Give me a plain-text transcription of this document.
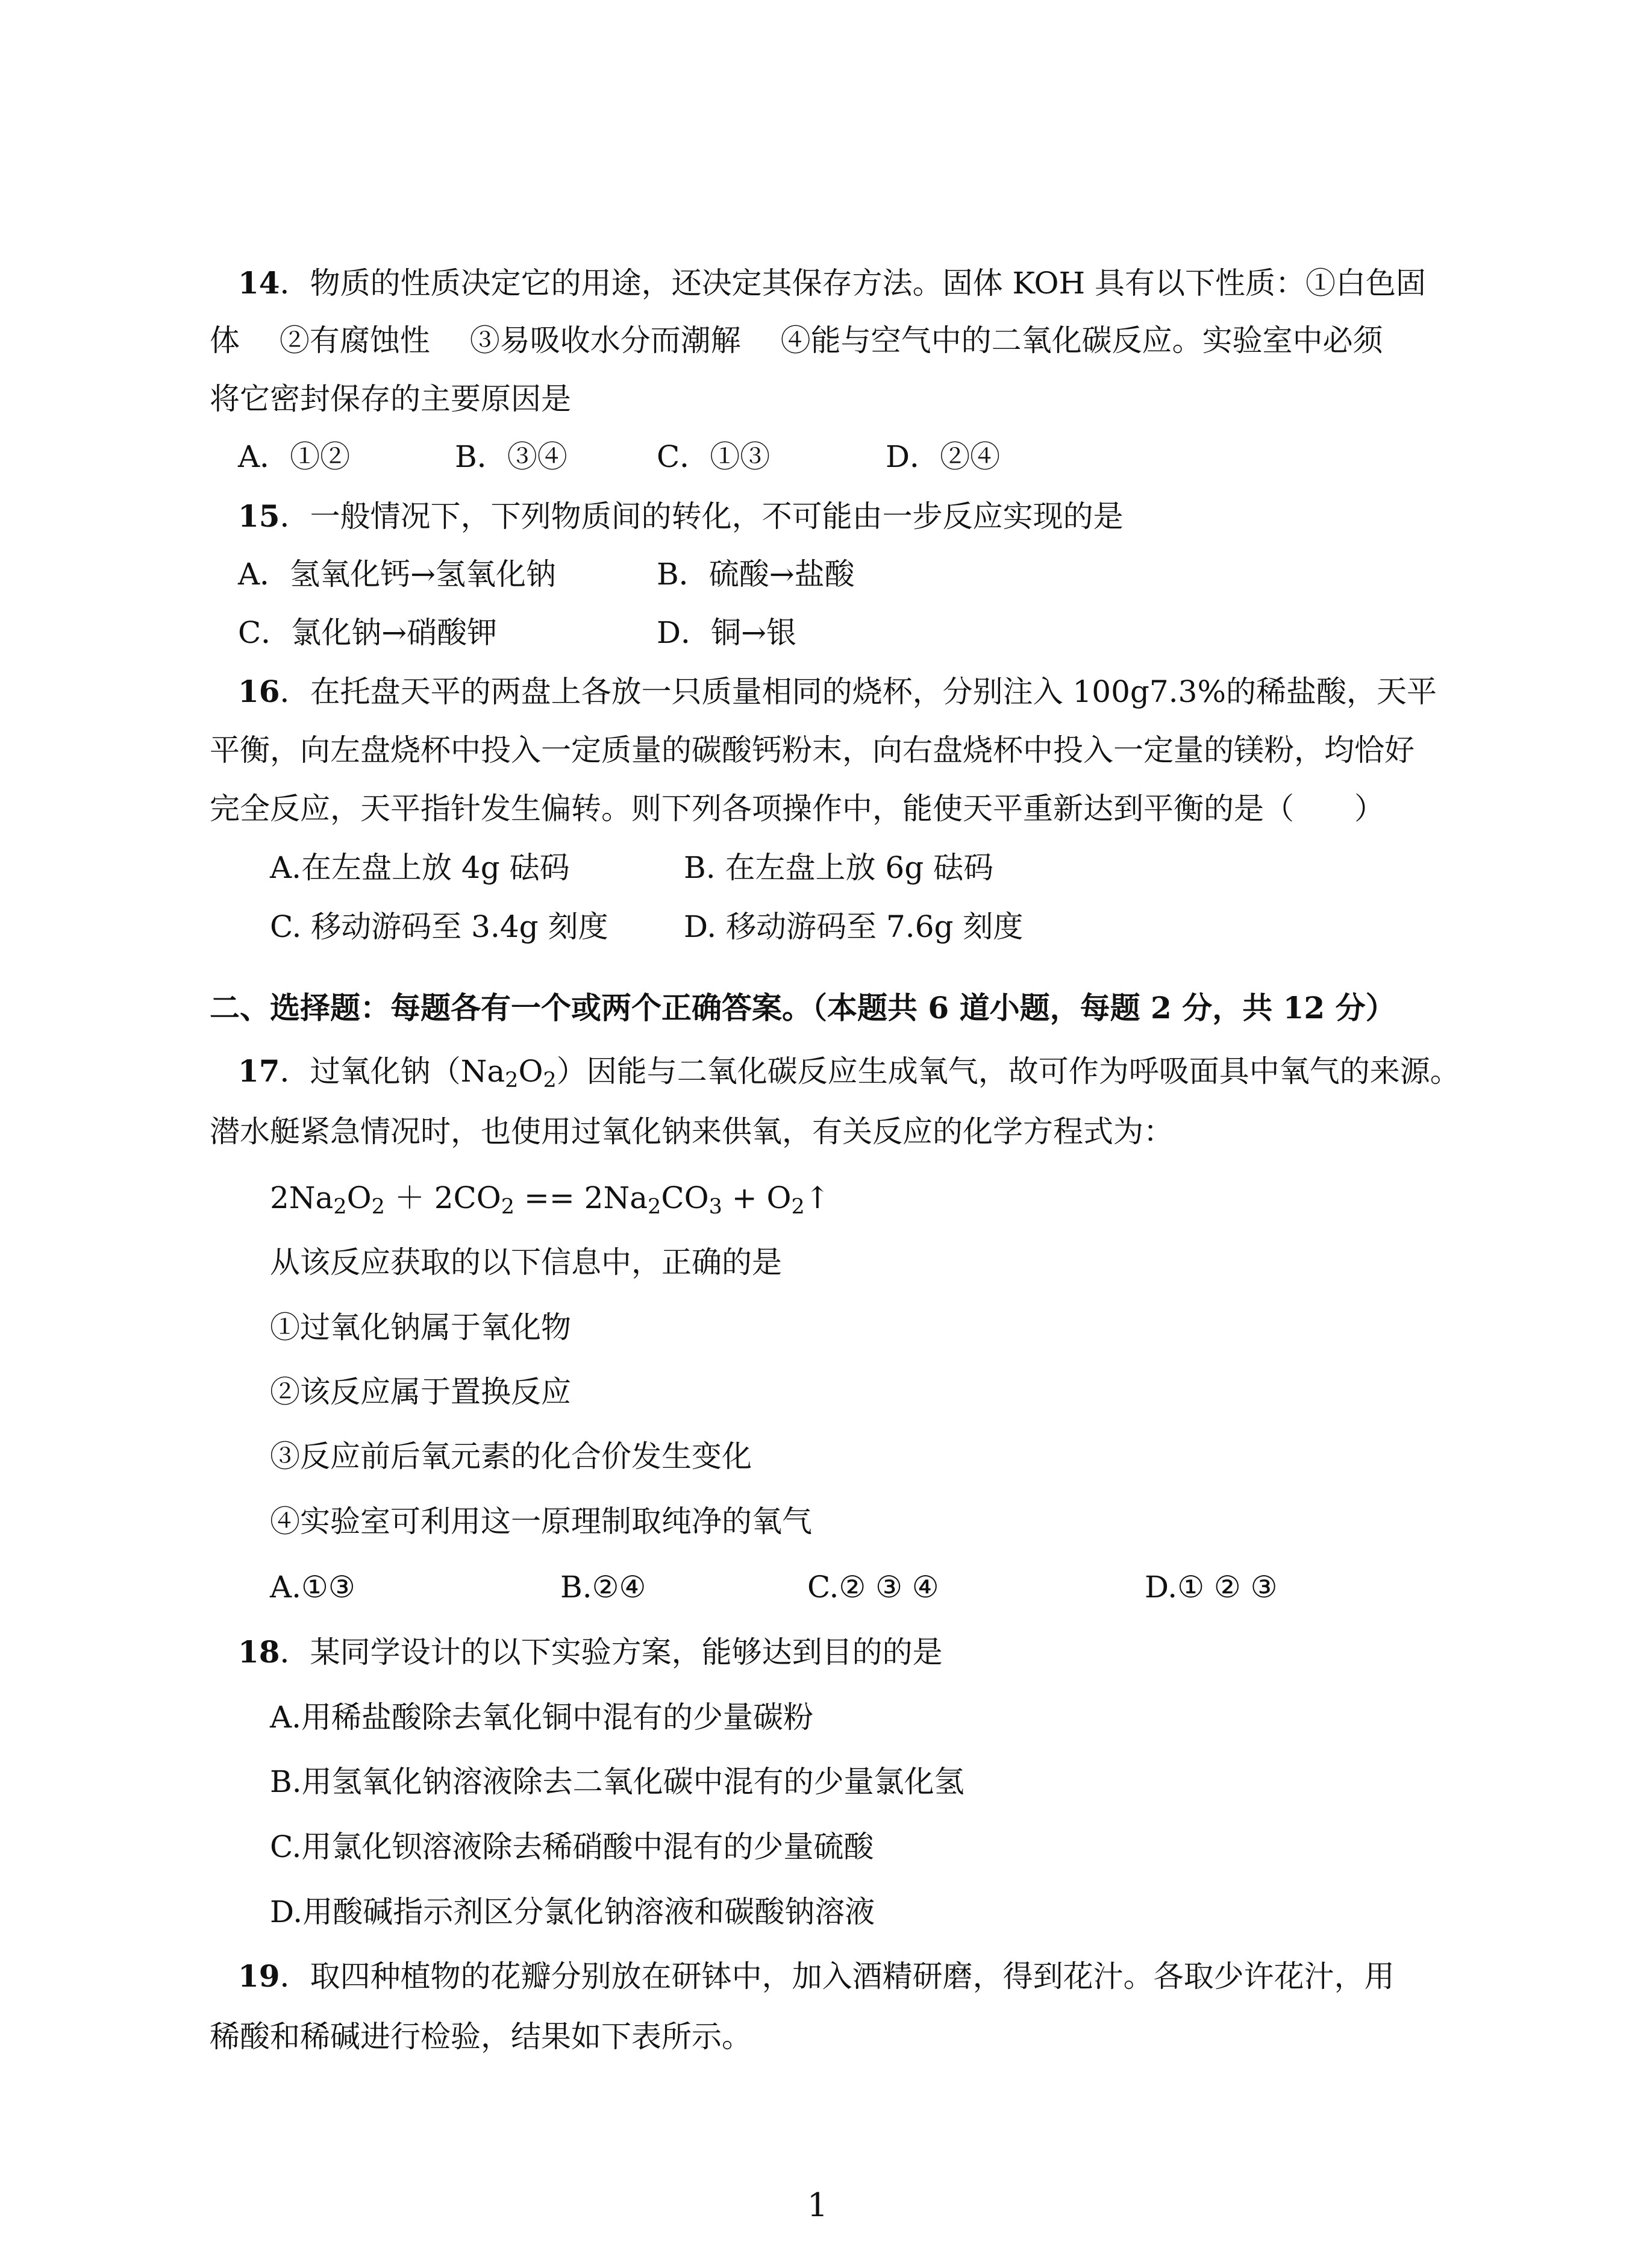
14．物质的性质决定它的用途，还决定其保存方法。固体 KOH 具有以下性质：①白色固
体　 ②有腐蚀性　 ③易吸收水分而潮解　 ④能与空气中的二氧化碳反应。实验室中必须
将它密封保存的主要原因是
A．①②	B．③④	C．①③	D．②④
15．一般情况下，下列物质间的转化，不可能由一步反应实现的是
A．氢氧化钙→氢氧化钠	B．硫酸→盐酸
C．氯化钠→硝酸钾	D．铜→银
16．在托盘天平的两盘上各放一只质量相同的烧杯，分别注入 100g7.3%的稀盐酸，天平
平衡，向左盘烧杯中投入一定质量的碳酸钙粉末，向右盘烧杯中投入一定量的镁粉，均恰好
完全反应，天平指针发生偏转。则下列各项操作中，能使天平重新达到平衡的是（　　）
A.在左盘上放 4g 砝码	B. 在左盘上放 6g 砝码
C. 移动游码至 3.4g 刻度	D. 移动游码至 7.6g 刻度
二、选择题：每题各有一个或两个正确答案。（本题共 6 道小题，每题 2 分，共 12 分）
17．过氧化钠$(Na_2O_2)$因能与二氧化碳反应生成氧气，故可作为呼吸面具中氧气的来源。
潜水艇紧急情况时，也使用过氧化钠来供氧，有关反应的化学方程式为：
$2Na_2O_2 + 2CO_2 == 2Na_2CO_3$ + $O_2↑$
从该反应获取的以下信息中，正确的是
①过氧化钠属于氧化物
②该反应属于置换反应
③反应前后氧元素的化合价发生变化
④实验室可利用这一原理制取纯净的氧气
A.①③	B.②④	C.② ③ ④	D.① ② ③
18．某同学设计的以下实验方案，能够达到目的的是
A.用稀盐酸除去氧化铜中混有的少量碳粉
B.用氢氧化钠溶液除去二氧化碳中混有的少量氯化氢
C.用氯化钡溶液除去稀硝酸中混有的少量硫酸
D.用酸碱指示剂区分氯化钠溶液和碳酸钠溶液
19．取四种植物的花瓣分别放在研钵中，加入酒精研磨，得到花汁。各取少许花汁，用
稀酸和稀碱进行检验，结果如下表所示。
1
